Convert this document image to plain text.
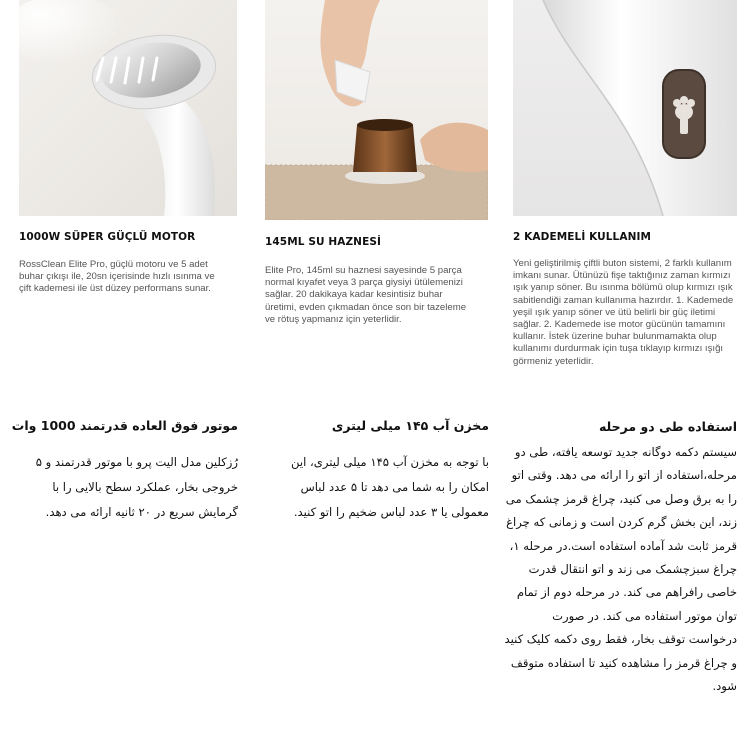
1000W SÜPER GÜÇLÜ MOTOR
RossClean Elite Pro, güçlü motoru ve 5 adet buhar çıkışı ile, 20sn içerisinde hızlı ısınma ve çift kademesi ile üst düzey performans sunar.
موتور فوق العاده قدرتمند 1000 وات
رُزکلین مدل الیت پرو با موتور قدرتمند و ۵ خروجی بخار، عملکرد سطح بالایی را با گرمایش سریع در ۲۰ ثانیه ارائه می دهد.
145ML SU HAZNESİ
Elite Pro, 145ml su haznesi sayesinde 5 parça normal kıyafet veya 3 parça giysiyi ütülemenizi sağlar. 20 dakikaya kadar kesintisiz buhar üretimi, evden çıkmadan önce son bir tazeleme ve rötuş yapmanız için yeterlidir.
مخزن آب ۱۴۵ میلی لیتری
با توجه به مخزن آب ۱۴۵ میلی لیتری، این امکان را به شما می دهد تا ۵ عدد لباس معمولی یا ۳ عدد لباس ضخیم را اتو کنید.
2 KADEMELİ KULLANIM
Yeni geliştirilmiş çiftli buton sistemi, 2 farklı kullanım imkanı sunar. Ütünüzü fişe taktığınız zaman kırmızı ışık yanıp söner. Bu ısınma bölümü olup kırmızı ışık sabitlendiği zaman kullanıma hazırdır. 1. Kademede yeşil ışık yanıp söner ve ütü belirli bir güç iletimi sağlar. 2. Kademede ise motor gücünün tamamını kullanır. İstek üzerine buhar bulunmamakta olup kullanımı durdurmak için tuşa tıklayıp kırmızı ışığı görmeniz yeterlidir.
استفاده طی دو مرحله
سیستم دکمه دوگانه جدید توسعه یافته، طی دو مرحله،استفاده از اتو را ارائه می دهد. وقتی اتو را به برق وصل می کنید، چراغ قرمز چشمک می زند، این بخش گرم کردن است و زمانی که چراغ قرمز ثابت شد آماده استفاده است.در مرحله ۱، چراغ سبزچشمک می زند و اتو انتقال قدرت خاصی رافراهم می کند. در مرحله دوم از تمام توان موتور استفاده می کند. در صورت درخواست توقف بخار، فقط روی دکمه کلیک کنید و چراغ قرمز را مشاهده کنید تا استفاده متوقف شود.
